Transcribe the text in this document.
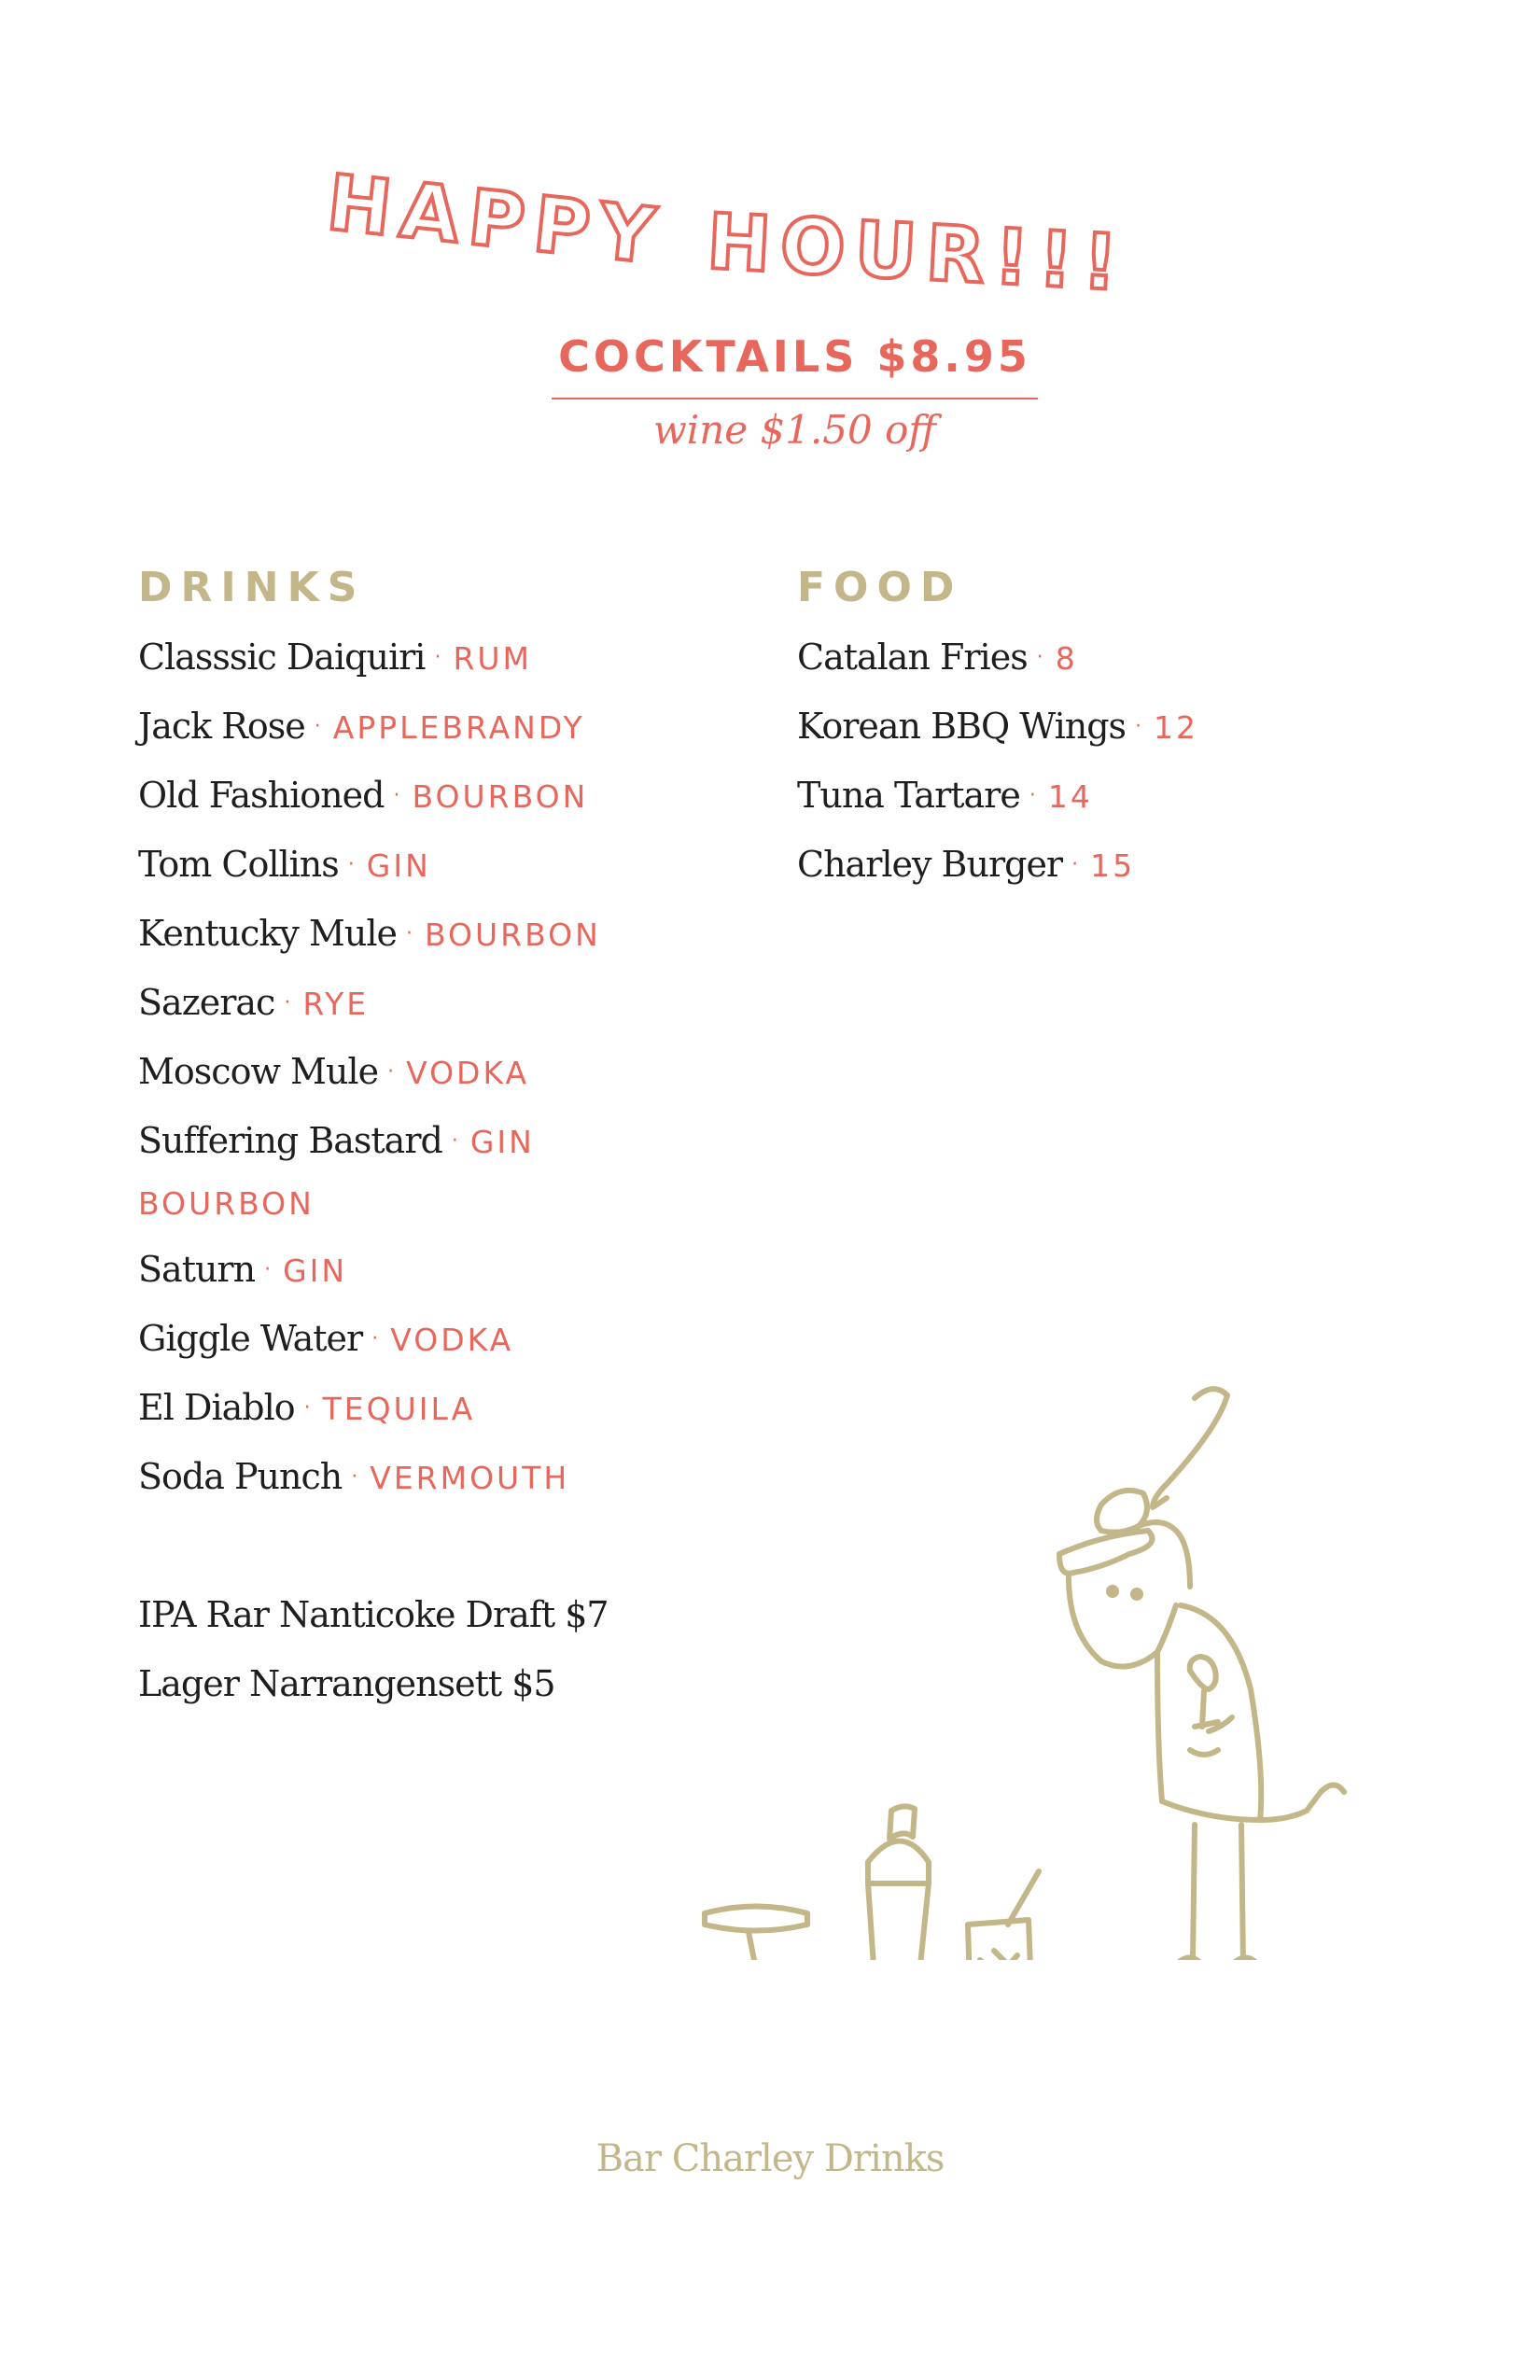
HAPPY HOUR!!!
COCKTAILS $8.95
wine $1.50 off
DRINKS
Classsic Daiquiri · RUM
Jack Rose · APPLEBRANDY
Old Fashioned · BOURBON
Tom Collins · GIN
Kentucky Mule · BOURBON
Sazerac · RYE
Moscow Mule · VODKA
Suffering Bastard · GIN
BOURBON
Saturn · GIN
Giggle Water · VODKA
El Diablo · TEQUILA
Soda Punch · VERMOUTH
IPA Rar Nanticoke Draft $7
Lager Narrangensett $5
FOOD
Catalan Fries · 8
Korean BBQ Wings · 12
Tuna Tartare · 14
Charley Burger · 15
Bar Charley Drinks
